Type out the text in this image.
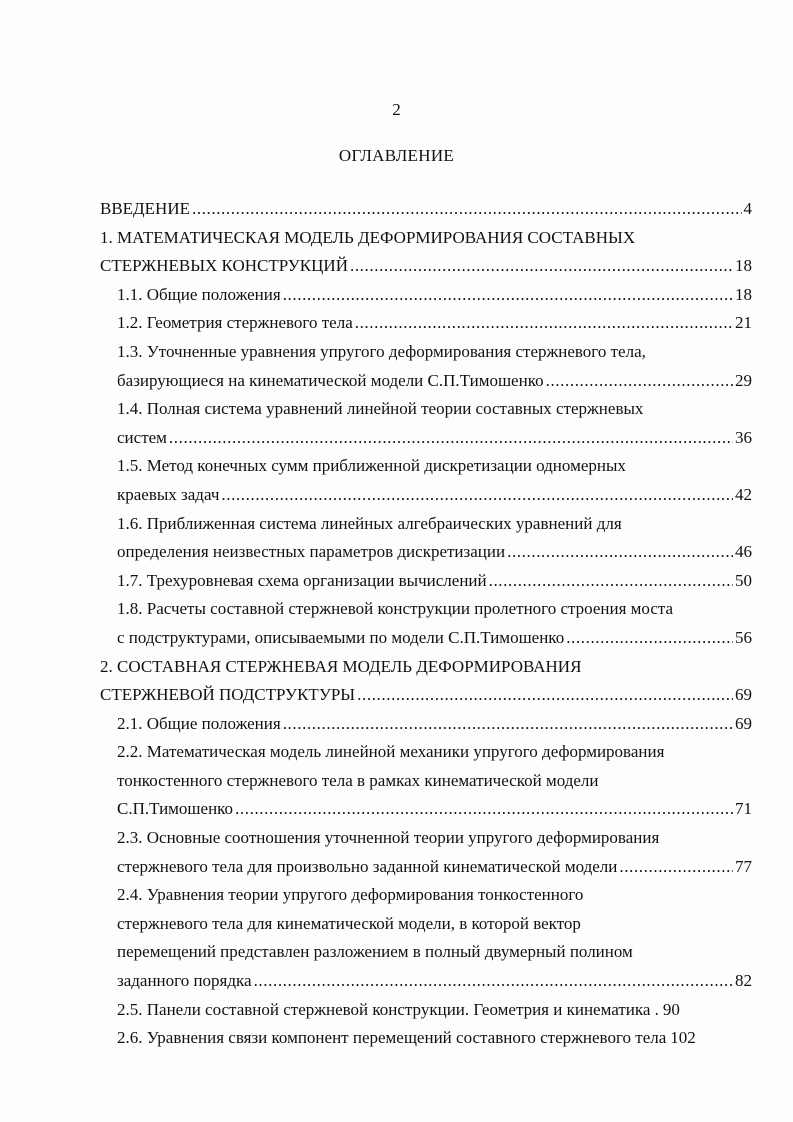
2
ОГЛАВЛЕНИЕ
ВВЕДЕНИЕ .....	4
1. МАТЕМАТИЧЕСКАЯ МОДЕЛЬ ДЕФОРМИРОВАНИЯ СОСТАВНЫХ
СТЕРЖНЕВЫХ КОНСТРУКЦИЙ .....	18
1.1. Общие положения .....	18
1.2. Геометрия стержневого тела .....	21
1.3. Уточненные уравнения упругого деформирования стержневого тела,
базирующиеся на кинематической модели С.П.Тимошенко .....	29
1.4. Полная система уравнений линейной теории составных стержневых
систем .....	36
1.5. Метод конечных сумм приближенной дискретизации одномерных
краевых задач .....	42
1.6. Приближенная система линейных алгебраических уравнений для
определения неизвестных параметров дискретизации .....	46
1.7. Трехуровневая схема организации вычислений .....	50
1.8. Расчеты составной стержневой конструкции пролетного строения моста
с подструктурами, описываемыми по модели С.П.Тимошенко .....	56
2. СОСТАВНАЯ СТЕРЖНЕВАЯ МОДЕЛЬ ДЕФОРМИРОВАНИЯ
СТЕРЖНЕВОЙ ПОДСТРУКТУРЫ .....	69
2.1. Общие положения .....	69
2.2. Математическая модель линейной механики упругого деформирования
тонкостенного стержневого тела в рамках кинематической модели
С.П.Тимошенко .....	71
2.3. Основные соотношения уточненной теории упругого деформирования
стержневого тела для произвольно заданной кинематической модели .....	77
2.4. Уравнения теории упругого деформирования тонкостенного
стержневого тела для кинематической модели, в которой вектор
перемещений представлен разложением в полный двумерный полином
заданного порядка .....	82
2.5. Панели составной стержневой конструкции. Геометрия и кинематика . 90
2.6. Уравнения связи компонент перемещений составного стержневого тела 102
